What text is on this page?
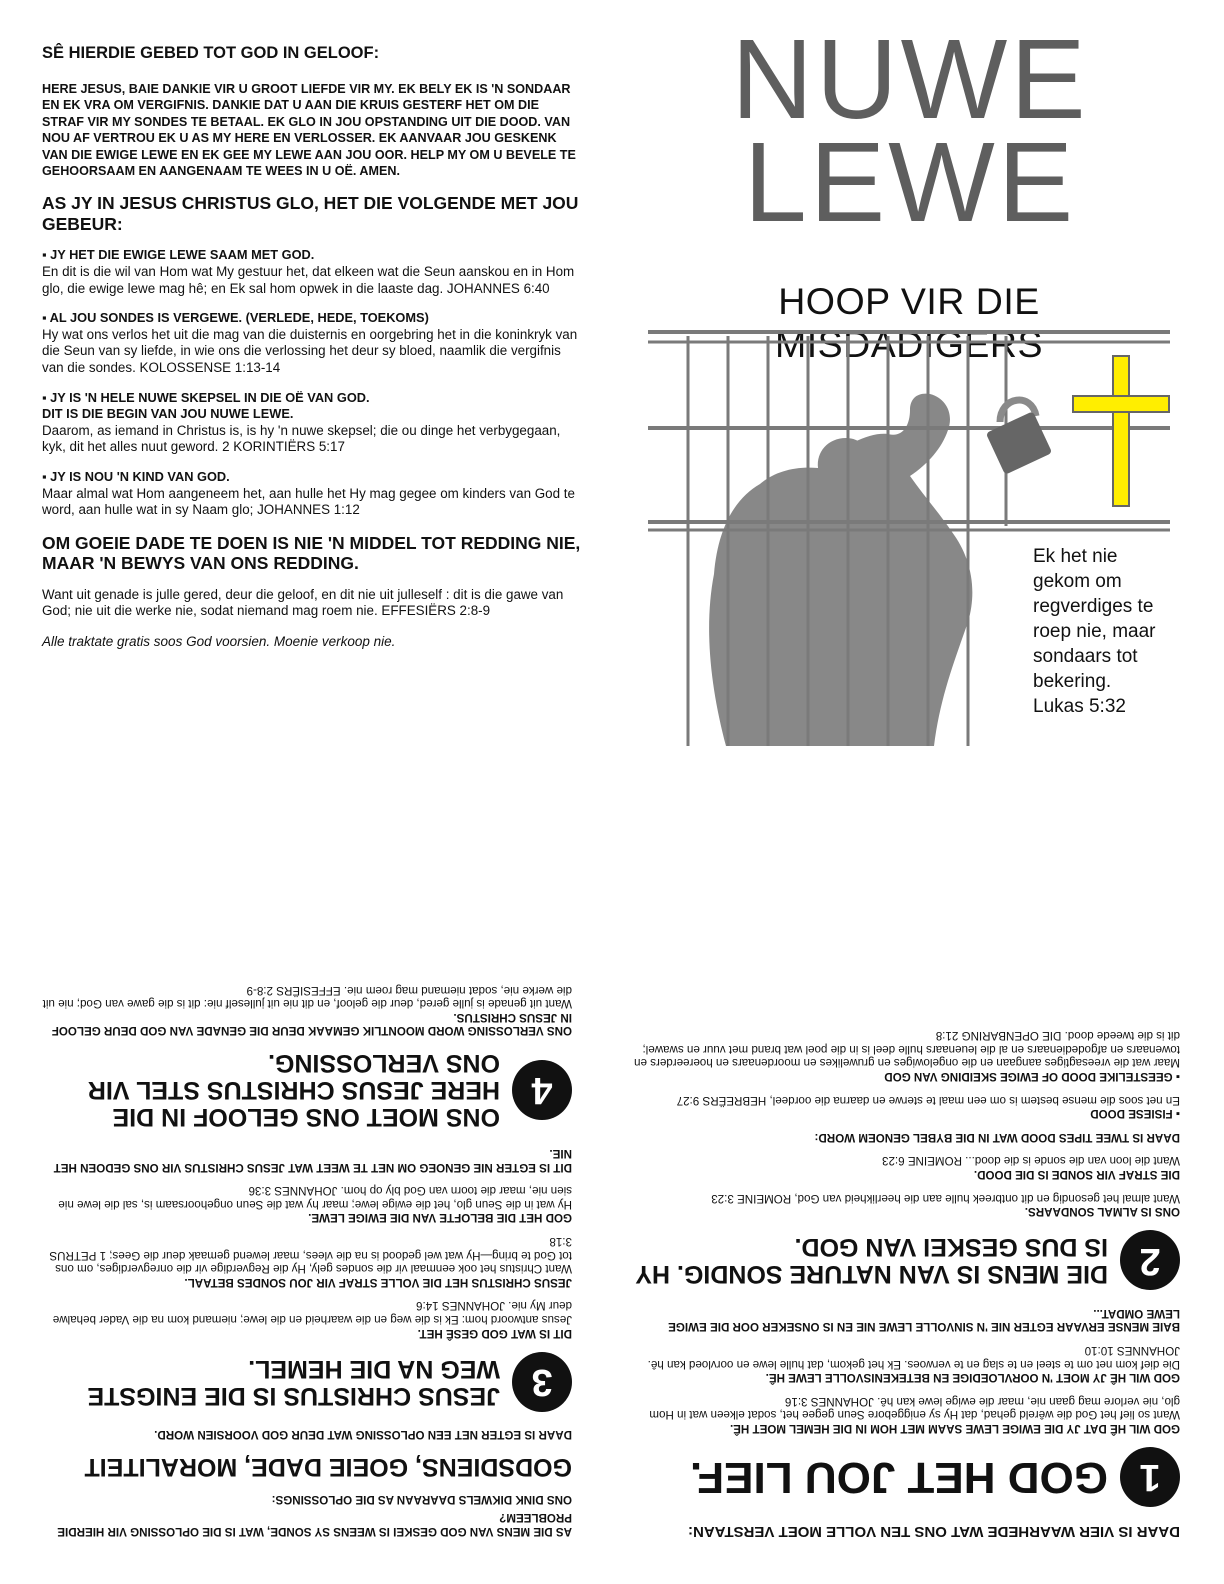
SÊ HIERDIE GEBED TOT GOD IN GELOOF:
HERE JESUS, BAIE DANKIE VIR U GROOT LIEFDE VIR MY. EK BELY EK IS 'N SONDAAR EN EK VRA OM VERGIFNIS. DANKIE DAT U AAN DIE KRUIS GESTERF HET OM DIE STRAF VIR MY SONDES TE BETAAL. EK GLO IN JOU OPSTANDING UIT DIE DOOD. VAN NOU AF VERTROU EK U AS MY HERE EN VERLOSSER. EK AANVAAR JOU GESKENK VAN DIE EWIGE LEWE EN EK GEE MY LEWE AAN JOU OOR. HELP MY OM U BEVELE TE GEHOORSAAM EN AANGENAAM TE WEES IN U OË. AMEN.
AS JY IN JESUS CHRISTUS GLO, HET DIE VOLGENDE MET JOU GEBEUR:
▪ JY HET DIE EWIGE LEWE SAAM MET GOD.
En dit is die wil van Hom wat My gestuur het, dat elkeen wat die Seun aanskou en in Hom glo, die ewige lewe mag hê; en Ek sal hom opwek in die laaste dag. JOHANNES 6:40
▪ AL JOU SONDES IS VERGEWE. (VERLEDE, HEDE, TOEKOMS)
Hy wat ons verlos het uit die mag van die duisternis en oorgebring het in die koninkryk van die Seun van sy liefde, in wie ons die verlossing het deur sy bloed, naamlik die vergifnis van die sondes. KOLOSSENSE 1:13-14
▪ JY IS 'N HELE NUWE SKEPSEL IN DIE OË VAN GOD.
DIT IS DIE BEGIN VAN JOU NUWE LEWE.
Daarom, as iemand in Christus is, is hy 'n nuwe skepsel; die ou dinge het verbygegaan, kyk, dit het alles nuut geword. 2 KORINTIËRS 5:17
▪ JY IS NOU 'N KIND VAN GOD.
Maar almal wat Hom aangeneem het, aan hulle het Hy mag gegee om kinders van God te word, aan hulle wat in sy Naam glo; JOHANNES 1:12
OM GOEIE DADE TE DOEN IS NIE 'N MIDDEL TOT REDDING NIE, MAAR 'N BEWYS VAN ONS REDDING.
Want uit genade is julle gered, deur die geloof, en dit nie uit julleself : dit is die gawe van God; nie uit die werke nie, sodat niemand mag roem nie. EFFESIËRS 2:8-9
Alle traktate gratis soos God voorsien. Moenie verkoop nie.
NUWE
LEWE
HOOP VIR DIE MISDADIGERS
Ek het nie
gekom om
regverdiges te
roep nie, maar
sondaars tot
bekering.
Lukas 5:32
AS DIE MENS VAN GOD GESKEI IS WEENS SY SONDE, WAT IS DIE OPLOSSING VIR HIERDIE PROBLEEM?
ONS DINK DIKWELS DAARAAN AS DIE OPLOSSINGS:
GODSDIENS, GOEIE DADE, MORALITEIT
DAAR IS EGTER NET EEN OPLOSSING WAT DEUR GOD VOORSIEN WORD.
3
JESUS CHRISTUS IS DIE ENIGSTE WEG NA DIE HEMEL.
DIT IS WAT GOD GESÊ HET.
Jesus antwoord hom: Ek is die weg en die waarheid en die lewe; niemand kom na die Vader behalwe deur My nie. JOHANNES 14:6
JESUS CHRISTUS HET DIE VOLLE STRAF VIR JOU SONDES BETAAL.
Want Christus het ook eenmaal vir die sondes gely, Hy die Regverdige vir die onregverdiges, om ons tot God te bring—Hy wat wel gedood is na die vlees, maar lewend gemaak deur die Gees; 1 PETRUS 3:18
GOD HET DIE BELOFTE VAN DIE EWIGE LEWE.
Hy wat in die Seun glo, het die ewige lewe; maar hy wat die Seun ongehoorsaam is, sal die lewe nie sien nie, maar die toorn van God bly op hom. JOHANNES 3:36
DIT IS EGTER NIE GENOEG OM NET TE WEET WAT JESUS CHRISTUS VIR ONS GEDOEN HET NIE.
4
ONS MOET ONS GELOOF IN DIE HERE JESUS CHRISTUS STEL VIR ONS VERLOSSING.
ONS VERLOSSING WORD MOONTLIK GEMAAK DEUR DIE GENADE VAN GOD DEUR GELOOF IN JESUS CHRISTUS.
Want uit genade is julle gered, deur die geloof, en dit nie uit julleself nie: dit is die gawe van God; nie uit die werke nie, sodat niemand mag roem nie. EFFESIËRS 2:8-9
DAAR IS VIER WAARHEDE WAT ONS TEN VOLLE MOET VERSTAAN:
1
GOD HET JOU LIEF.
GOD WIL HÊ DAT JY DIE EWIGE LEWE SAAM MET HOM IN DIE HEMEL MOET HÊ.
Want so lief het God die wêreld gehad, dat Hy sy eniggebore Seun gegee het, sodat elkeen wat in Hom glo, nie verlore mag gaan nie, maar die ewige lewe kan hê. JOHANNES 3:16
GOD WIL HÊ JY MOET 'N OORVLOEDIGE EN BETEKENISVOLLE LEWE HÊ.
Die dief kom net om te steel en te slag en te verwoes. Ek het gekom, dat hulle lewe en oorvloed kan hê. JOHANNES 10:10
BAIE MENSE ERVAAR EGTER NIE 'N SINVOLLE LEWE NIE EN IS ONSEKER OOR DIE EWIGE LEWE OMDAT...
2
DIE MENS IS VAN NATURE SONDIG. HY IS DUS GESKEI VAN GOD.
ONS IS ALMAL SONDAARS.
Want almal het gesondig en dit ontbreek hulle aan die heerlikheid van God, ROMEINE 3:23
DIE STRAF VIR SONDE IS DIE DOOD.
Want die loon van die sonde is die dood... ROMEINE 6:23
DAAR IS TWEE TIPES DOOD WAT IN DIE BYBEL GENOEM WORD:
▪ FISIESE DOOD
En net soos die mense bestem is om een maal te sterwe en daarna die oordeel, HEBREËRS 9:27
▪ GEESTELIKE DOOD OF EWIGE SKEIDING VAN GOD
Maar wat die vreesagtiges aangaan en die ongelowiges en gruwelikes en moordenaars en hoereerders en towenaars en afgodedienaars en al die leuenaars hulle deel is in die poel wat brand met vuur en swawel; dit is die tweede dood. DIE OPENBARING 21:8
